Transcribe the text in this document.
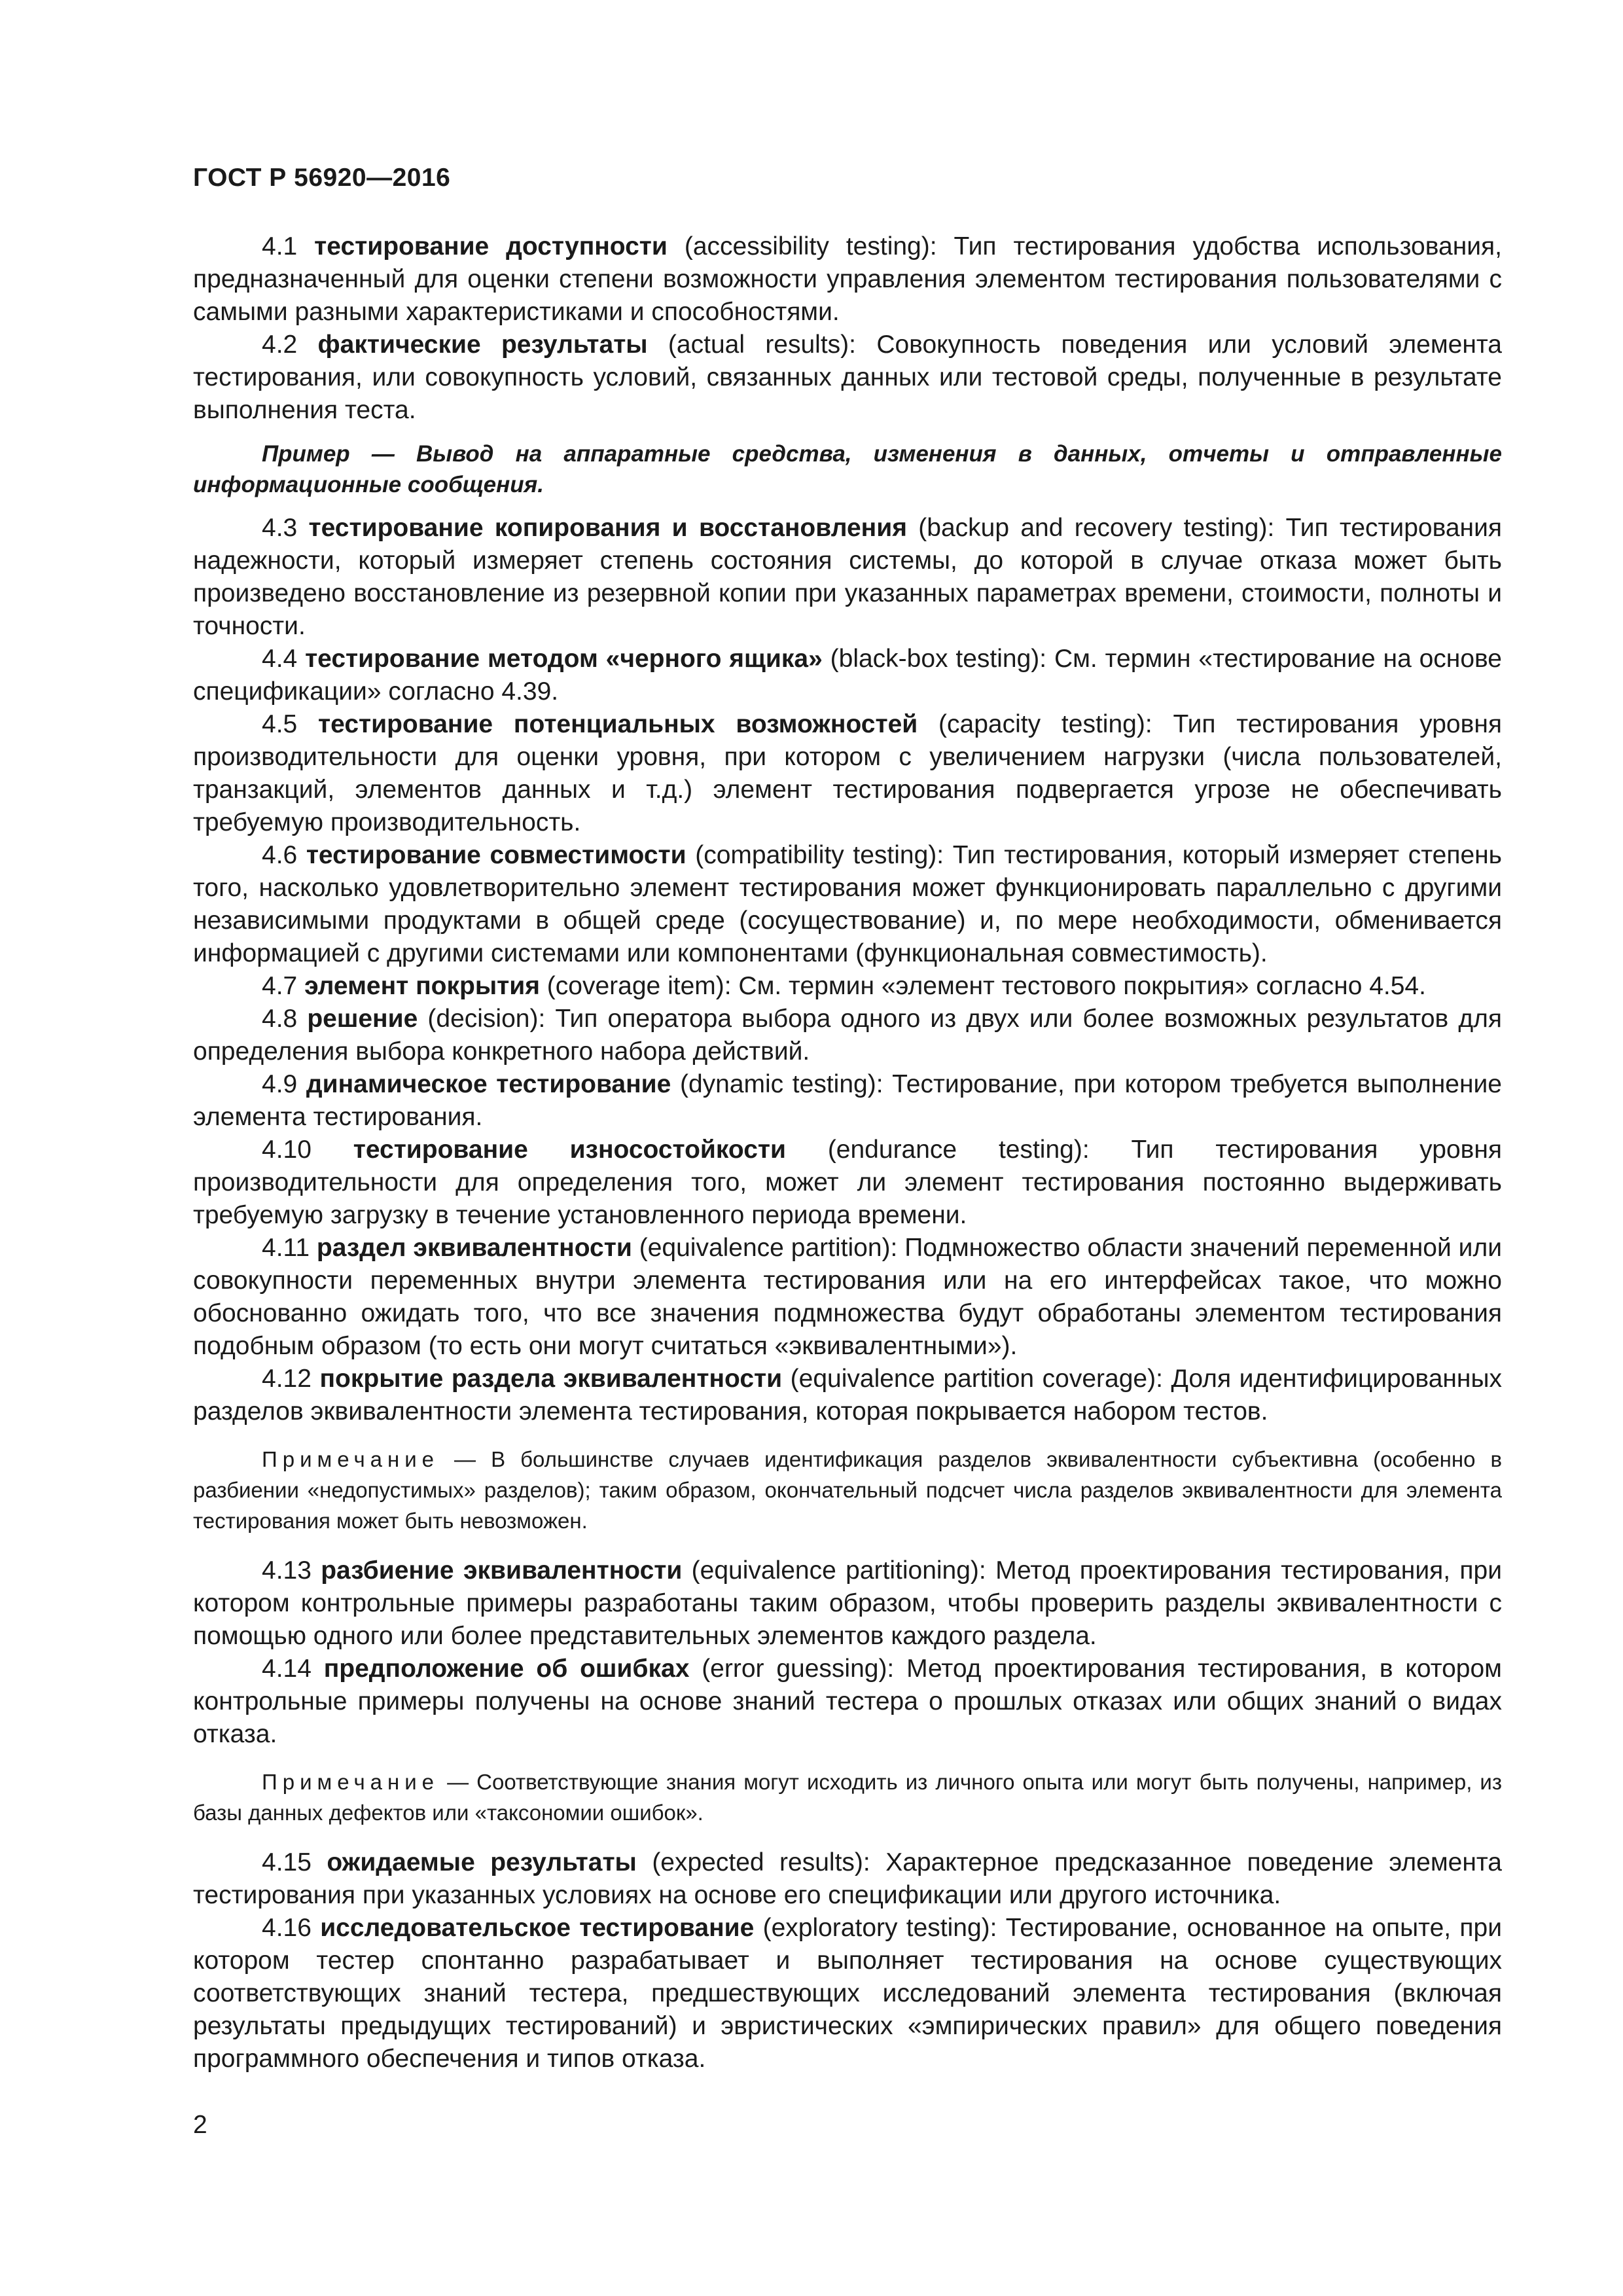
ГОСТ Р 56920—2016

4.1 тестирование доступности (accessibility testing): Тип тестирования удобства использования, предназначенный для оценки степени возможности управления элементом тестирования пользователями с самыми разными характеристиками и способностями.

4.2 фактические результаты (actual results): Совокупность поведения или условий элемента тестирования, или совокупность условий, связанных данных или тестовой среды, полученные в результате выполнения теста.

Пример — Вывод на аппаратные средства, изменения в данных, отчеты и отправленные информационные сообщения.

4.3 тестирование копирования и восстановления (backup and recovery testing): Тип тестирования надежности, который измеряет степень состояния системы, до которой в случае отказа может быть произведено восстановление из резервной копии при указанных параметрах времени, стоимости, полноты и точности.

4.4 тестирование методом «черного ящика» (black-box testing): См. термин «тестирование на основе спецификации» согласно 4.39.

4.5 тестирование потенциальных возможностей (capacity testing): Тип тестирования уровня производительности для оценки уровня, при котором с увеличением нагрузки (числа пользователей, транзакций, элементов данных и т.д.) элемент тестирования подвергается угрозе не обеспечивать требуемую производительность.

4.6 тестирование совместимости (compatibility testing): Тип тестирования, который измеряет степень того, насколько удовлетворительно элемент тестирования может функционировать параллельно с другими независимыми продуктами в общей среде (сосуществование) и, по мере необходимости, обменивается информацией с другими системами или компонентами (функциональная совместимость).

4.7 элемент покрытия (coverage item): См. термин «элемент тестового покрытия» согласно 4.54.

4.8 решение (decision): Тип оператора выбора одного из двух или более возможных результатов для определения выбора конкретного набора действий.

4.9 динамическое тестирование (dynamic testing): Тестирование, при котором требуется выполнение элемента тестирования.

4.10 тестирование износостойкости (endurance testing): Тип тестирования уровня производительности для определения того, может ли элемент тестирования постоянно выдерживать требуемую загрузку в течение установленного периода времени.

4.11 раздел эквивалентности (equivalence partition): Подмножество области значений переменной или совокупности переменных внутри элемента тестирования или на его интерфейсах такое, что можно обоснованно ожидать того, что все значения подмножества будут обработаны элементом тестирования подобным образом (то есть они могут считаться «эквивалентными»).

4.12 покрытие раздела эквивалентности (equivalence partition coverage): Доля идентифицированных разделов эквивалентности элемента тестирования, которая покрывается набором тестов.

Примечание — В большинстве случаев идентификация разделов эквивалентности субъективна (особенно в разбиении «недопустимых» разделов); таким образом, окончательный подсчет числа разделов эквивалентности для элемента тестирования может быть невозможен.

4.13 разбиение эквивалентности (equivalence partitioning): Метод проектирования тестирования, при котором контрольные примеры разработаны таким образом, чтобы проверить разделы эквивалентности с помощью одного или более представительных элементов каждого раздела.

4.14 предположение об ошибках (error guessing): Метод проектирования тестирования, в котором контрольные примеры получены на основе знаний тестера о прошлых отказах или общих знаний о видах отказа.

Примечание — Соответствующие знания могут исходить из личного опыта или могут быть получены, например, из базы данных дефектов или «таксономии ошибок».

4.15 ожидаемые результаты (expected results): Характерное предсказанное поведение элемента тестирования при указанных условиях на основе его спецификации или другого источника.

4.16 исследовательское тестирование (exploratory testing): Тестирование, основанное на опыте, при котором тестер спонтанно разрабатывает и выполняет тестирования на основе существующих соответствующих знаний тестера, предшествующих исследований элемента тестирования (включая результаты предыдущих тестирований) и эвристических «эмпирических правил» для общего поведения программного обеспечения и типов отказа.

2
